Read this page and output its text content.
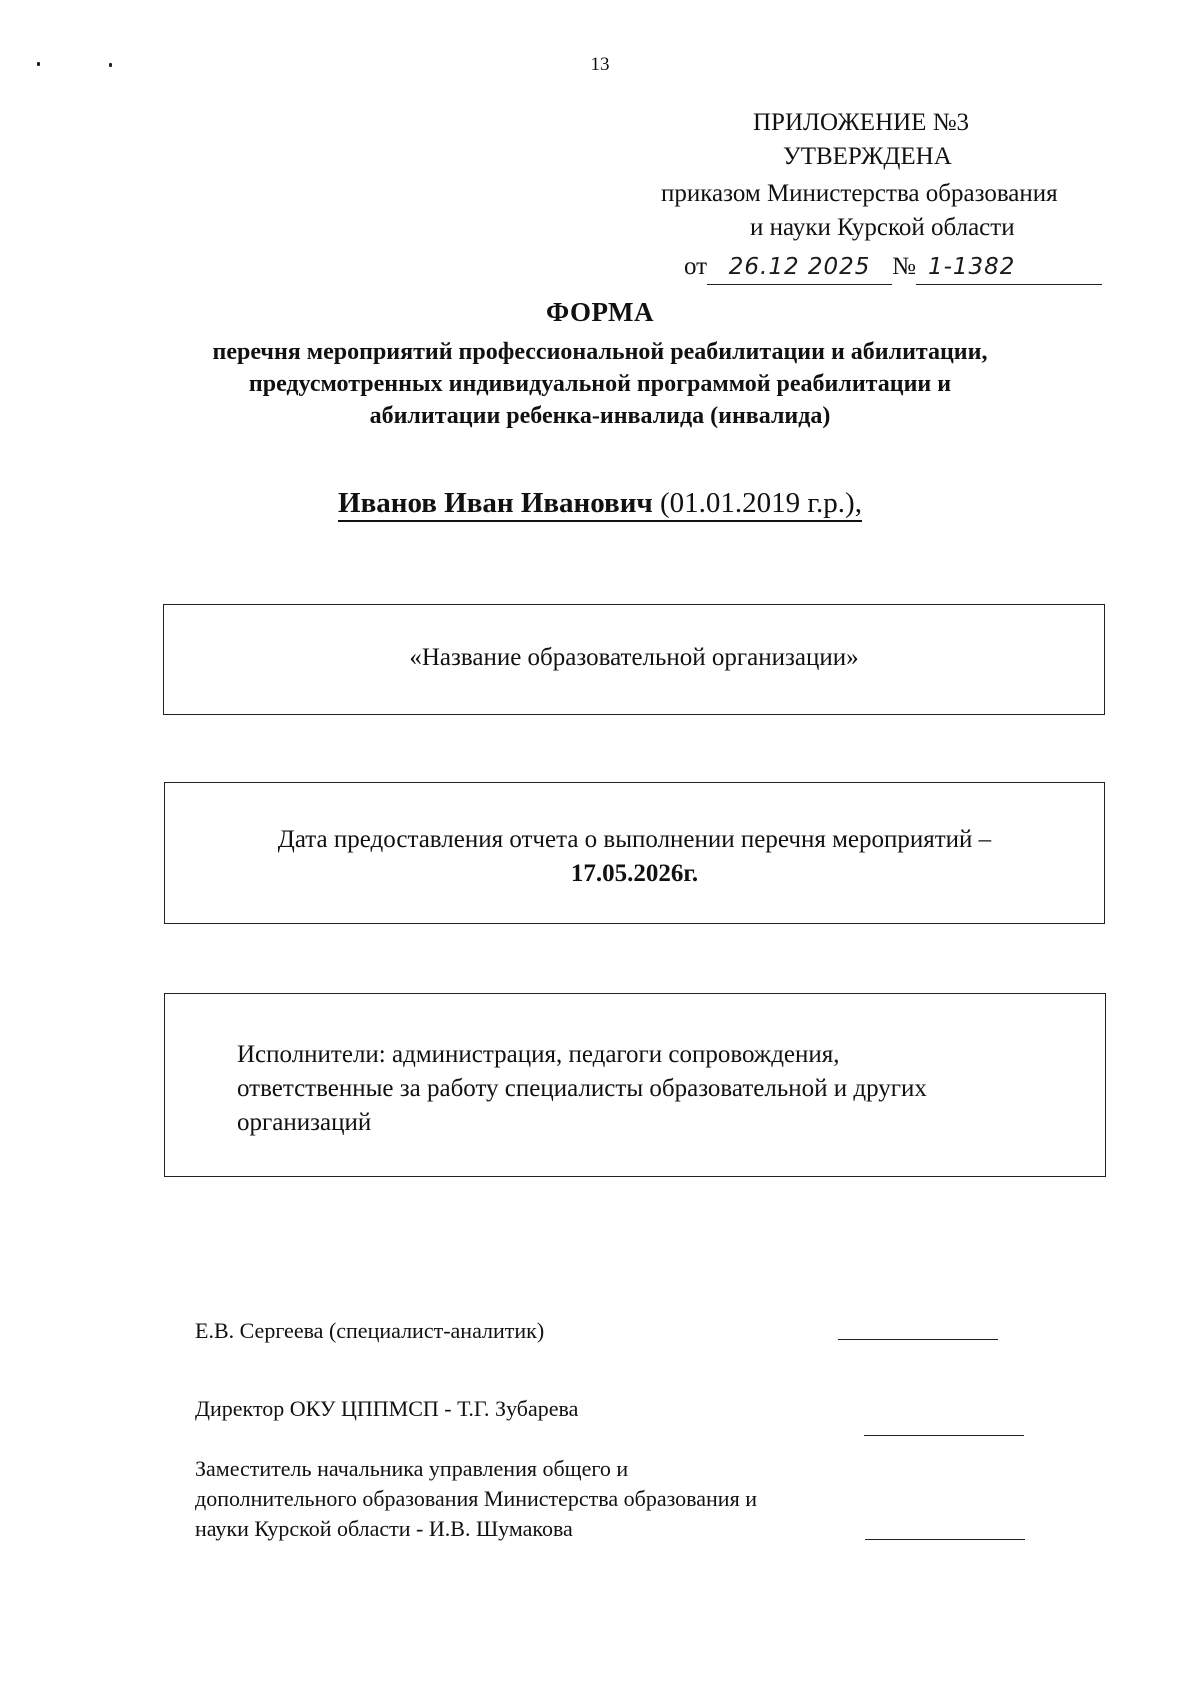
13
ПРИЛОЖЕНИЕ №3
УТВЕРЖДЕНА
приказом Министерства образования
и науки Курской области
от 26.12 2025 № 1-1382
ФОРМА
перечня мероприятий профессиональной реабилитации и абилитации,
предусмотренных индивидуальной программой реабилитации и
абилитации ребенка-инвалида (инвалида)
Иванов Иван Иванович (01.01.2019 г.р.),
«Название образовательной организации»
Дата предоставления отчета о выполнении перечня мероприятий –
17.05.2026г.
Исполнители: администрация, педагоги сопровождения,
ответственные за работу специалисты образовательной и других
организаций
Е.В. Сергеева (специалист-аналитик)
Директор ОКУ ЦППМСП - Т.Г. Зубарева
Заместитель начальника управления общего и
дополнительного образования Министерства образования и
науки Курской области - И.В. Шумакова
